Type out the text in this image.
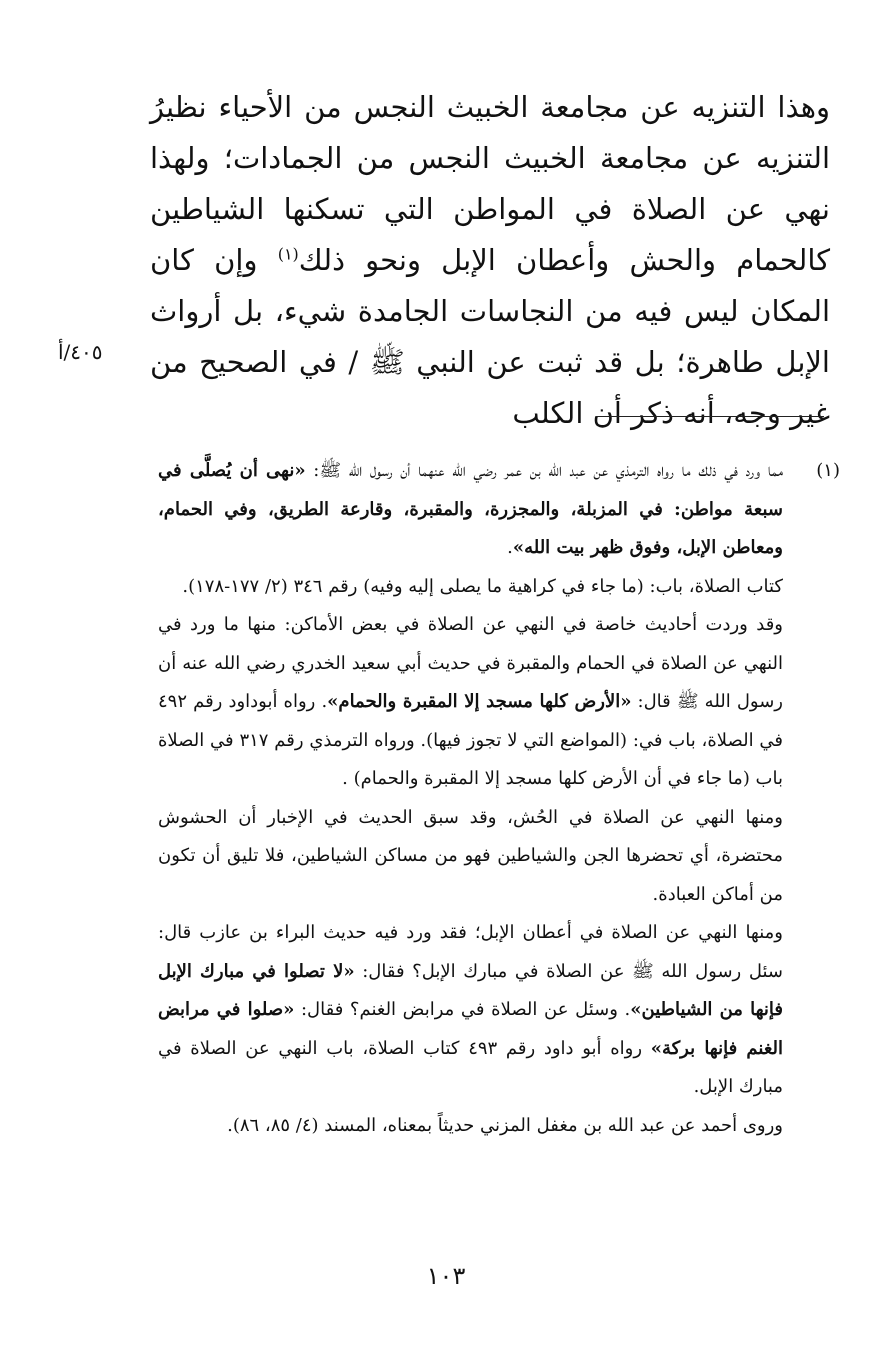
وهذا التنزيه عن مجامعة الخبيث النجس من الأحياء نظيرُ التنزيه عن مجامعة الخبيث النجس من الجمادات؛ ولهذا نهي عن الصلاة في المواطن التي تسكنها الشياطين كالحمام والحش وأعطان الإبل ونحو ذلك$^{(١)}$ وإن كان المكان ليس فيه من النجاسات الجامدة شيء، بل أرواث الإبل طاهرة؛ بل قد ثبت عن النبي ﷺ / في الصحيح من غير وجه، أنه ذكر أن الكلب

٤٠٥/أ
(١)

مما ورد في ذلك ما رواه الترمذي عن عبد الله بن عمر رضي الله عنهما أن رسول الله ﷺ: «نهى أن يُصلَّى في سبعة مواطن: في المزبلة، والمجزرة، والمقبرة، وقارعة الطريق، وفي الحمام، ومعاطن الإبل، وفوق ظهر بيت الله».

كتاب الصلاة، باب: (ما جاء في كراهية ما يصلى إليه وفيه) رقم ٣٤٦ (٢/ ١٧٧-١٧٨).

وقد وردت أحاديث خاصة في النهي عن الصلاة في بعض الأماكن: منها ما ورد في النهي عن الصلاة في الحمام والمقبرة في حديث أبي سعيد الخدري رضي الله عنه أن رسول الله ﷺ قال: «الأرض كلها مسجد إلا المقبرة والحمام». رواه أبوداود رقم ٤٩٢ في الصلاة، باب في: (المواضع التي لا تجوز فيها). ورواه الترمذي رقم ٣١٧ في الصلاة باب (ما جاء في أن الأرض كلها مسجد إلا المقبرة والحمام) .

ومنها النهي عن الصلاة في الحُش، وقد سبق الحديث في الإخبار أن الحشوش محتضرة، أي تحضرها الجن والشياطين فهو من مساكن الشياطين، فلا تليق أن تكون من أماكن العبادة.

ومنها النهي عن الصلاة في أعطان الإبل؛ فقد ورد فيه حديث البراء بن عازب قال: سئل رسول الله ﷺ عن الصلاة في مبارك الإبل؟ فقال: «لا تصلوا في مبارك الإبل فإنها من الشياطين». وسئل عن الصلاة في مرابض الغنم؟ فقال: «صلوا في مرابض الغنم فإنها بركة» رواه أبو داود رقم ٤٩٣ كتاب الصلاة، باب النهي عن الصلاة في مبارك الإبل.

وروى أحمد عن عبد الله بن مغفل المزني حديثاً بمعناه، المسند (٤/ ٨٥، ٨٦).

١٠٣
